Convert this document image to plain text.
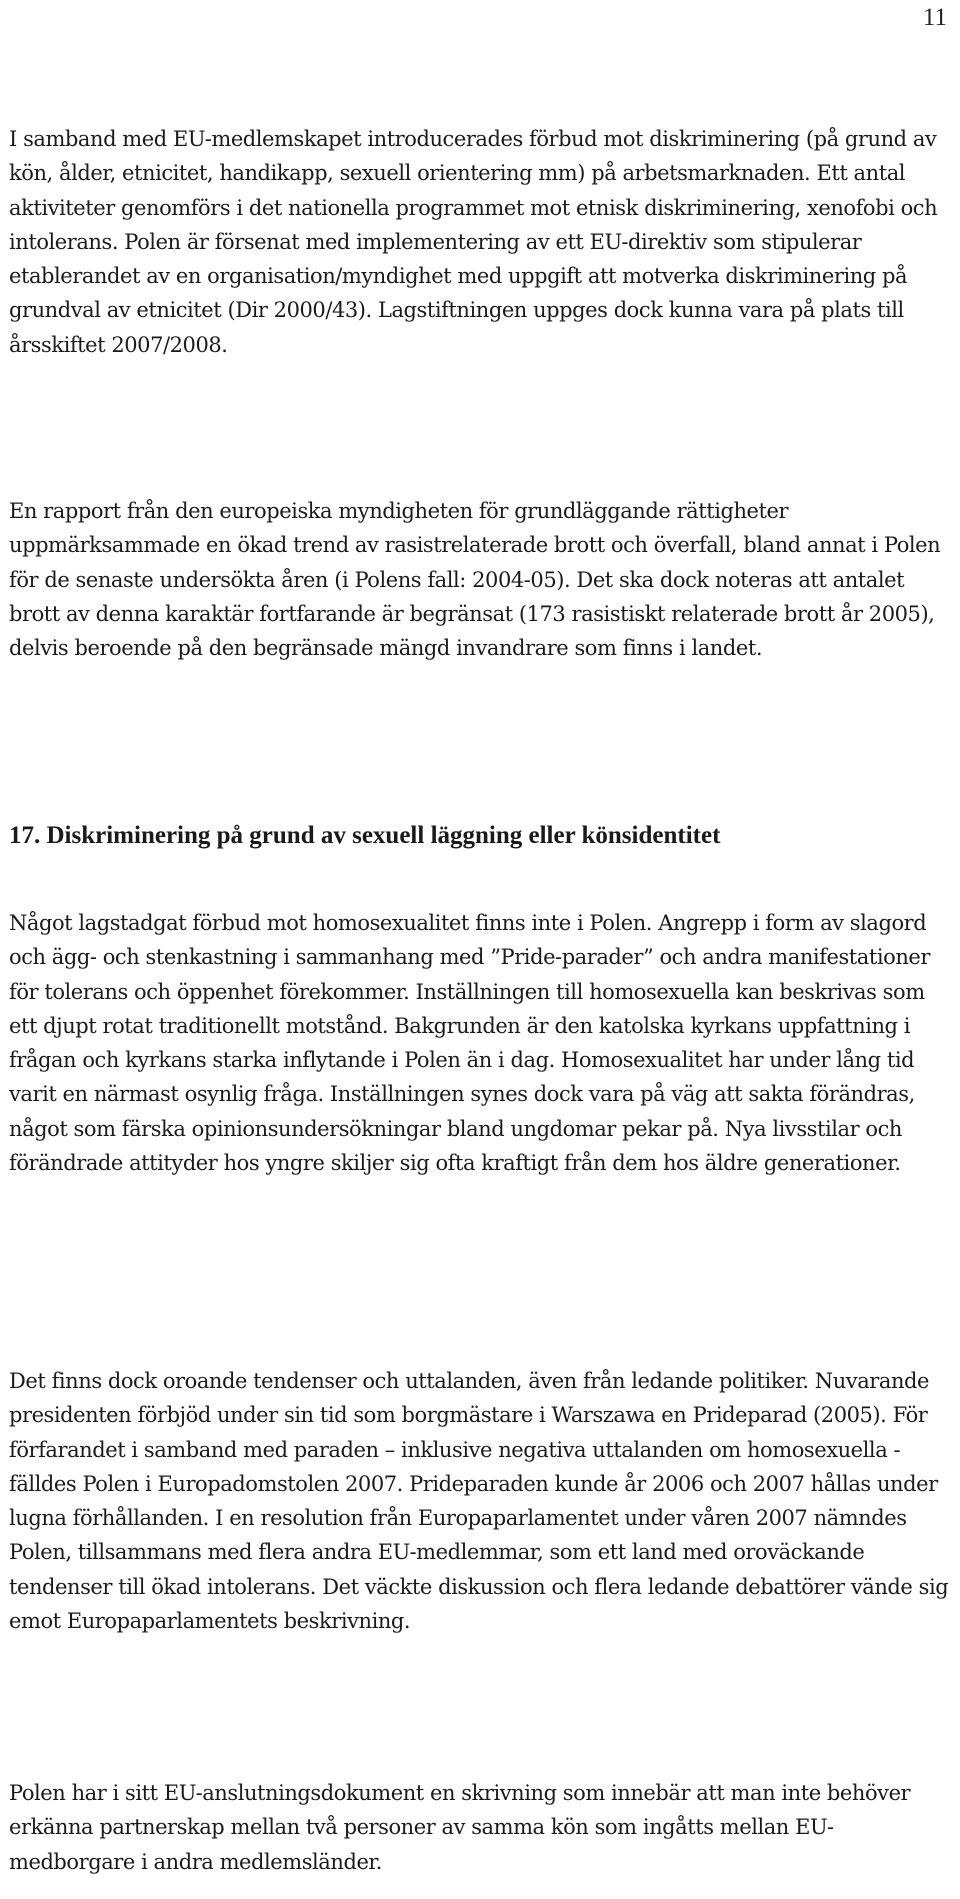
11

I samband med EU-medlemskapet introducerades förbud mot diskriminering (på grund av kön, ålder, etnicitet, handikapp, sexuell orientering mm) på arbetsmarknaden. Ett antal aktiviteter genomförs i det nationella programmet mot etnisk diskriminering, xenofobi och intolerans. Polen är försenat med implementering av ett EU-direktiv som stipulerar etablerandet av en organisation/myndighet med uppgift att motverka diskriminering på grundval av etnicitet (Dir 2000/43). Lagstiftningen uppges dock kunna vara på plats till årsskiftet 2007/2008.

En rapport från den europeiska myndigheten för grundläggande rättigheter uppmärksammade en ökad trend av rasistrelaterade brott och överfall, bland annat i Polen för de senaste undersökta åren (i Polens fall: 2004-05). Det ska dock noteras att antalet brott av denna karaktär fortfarande är begränsat (173 rasistiskt relaterade brott år 2005), delvis beroende på den begränsade mängd invandrare som finns i landet.

17. Diskriminering på grund av sexuell läggning eller könsidentitet

Något lagstadgat förbud mot homosexualitet finns inte i Polen. Angrepp i form av slagord och ägg- och stenkastning i sammanhang med ”Pride-parader” och andra manifestationer för tolerans och öppenhet förekommer. Inställningen till homosexuella kan beskrivas som ett djupt rotat traditionellt motstånd. Bakgrunden är den katolska kyrkans uppfattning i frågan och kyrkans starka inflytande i Polen än i dag. Homosexualitet har under lång tid varit en närmast osynlig fråga. Inställningen synes dock vara på väg att sakta förändras, något som färska opinionsundersökningar bland ungdomar pekar på. Nya livsstilar och förändrade attityder hos yngre skiljer sig ofta kraftigt från dem hos äldre generationer.

Det finns dock oroande tendenser och uttalanden, även från ledande politiker. Nuvarande presidenten förbjöd under sin tid som borgmästare i Warszawa en Prideparad (2005). För förfarandet i samband med paraden – inklusive negativa uttalanden om homosexuella - fälldes Polen i Europadomstolen 2007. Prideparaden kunde år 2006 och 2007 hållas under lugna förhållanden. I en resolution från Europaparlamentet under våren 2007 nämndes Polen, tillsammans med flera andra EU-medlemmar, som ett land med oroväckande tendenser till ökad intolerans. Det väckte diskussion och flera ledande debattörer vände sig emot Europaparlamentets beskrivning.

Polen har i sitt EU-anslutningsdokument en skrivning som innebär att man inte behöver erkänna partnerskap mellan två personer av samma kön som ingåtts mellan EU-medborgare i andra medlemsländer.
